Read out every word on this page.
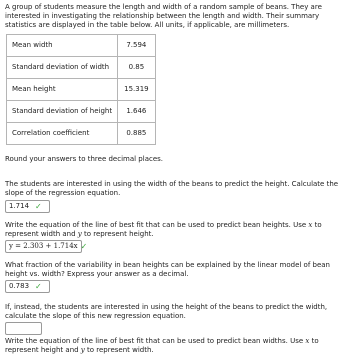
A group of students measure the length and width of a random sample of beans. They are interested in investigating the relationship between the length and width. Their summary statistics are displayed in the table below. All units, if applicable, are millimeters.

Mean width	7.594
Standard deviation of width	0.85
Mean height	15.319
Standard deviation of height	1.646
Correlation coefficient	0.885

Round your answers to three decimal places.

The students are interested in using the width of the beans to predict the height. Calculate the slope of the regression equation.

1.714 ✓

Write the equation of the line of best fit that can be used to predict bean heights. Use x to represent width and y to represent height.

y = 2.303 + 1.714x ✓

What fraction of the variability in bean heights can be explained by the linear model of bean height vs. width? Express your answer as a decimal.

0.783 ✓

If, instead, the students are interested in using the height of the beans to predict the width, calculate the slope of this new regression equation.

Write the equation of the line of best fit that can be used to predict bean widths. Use x to represent height and y to represent width.
